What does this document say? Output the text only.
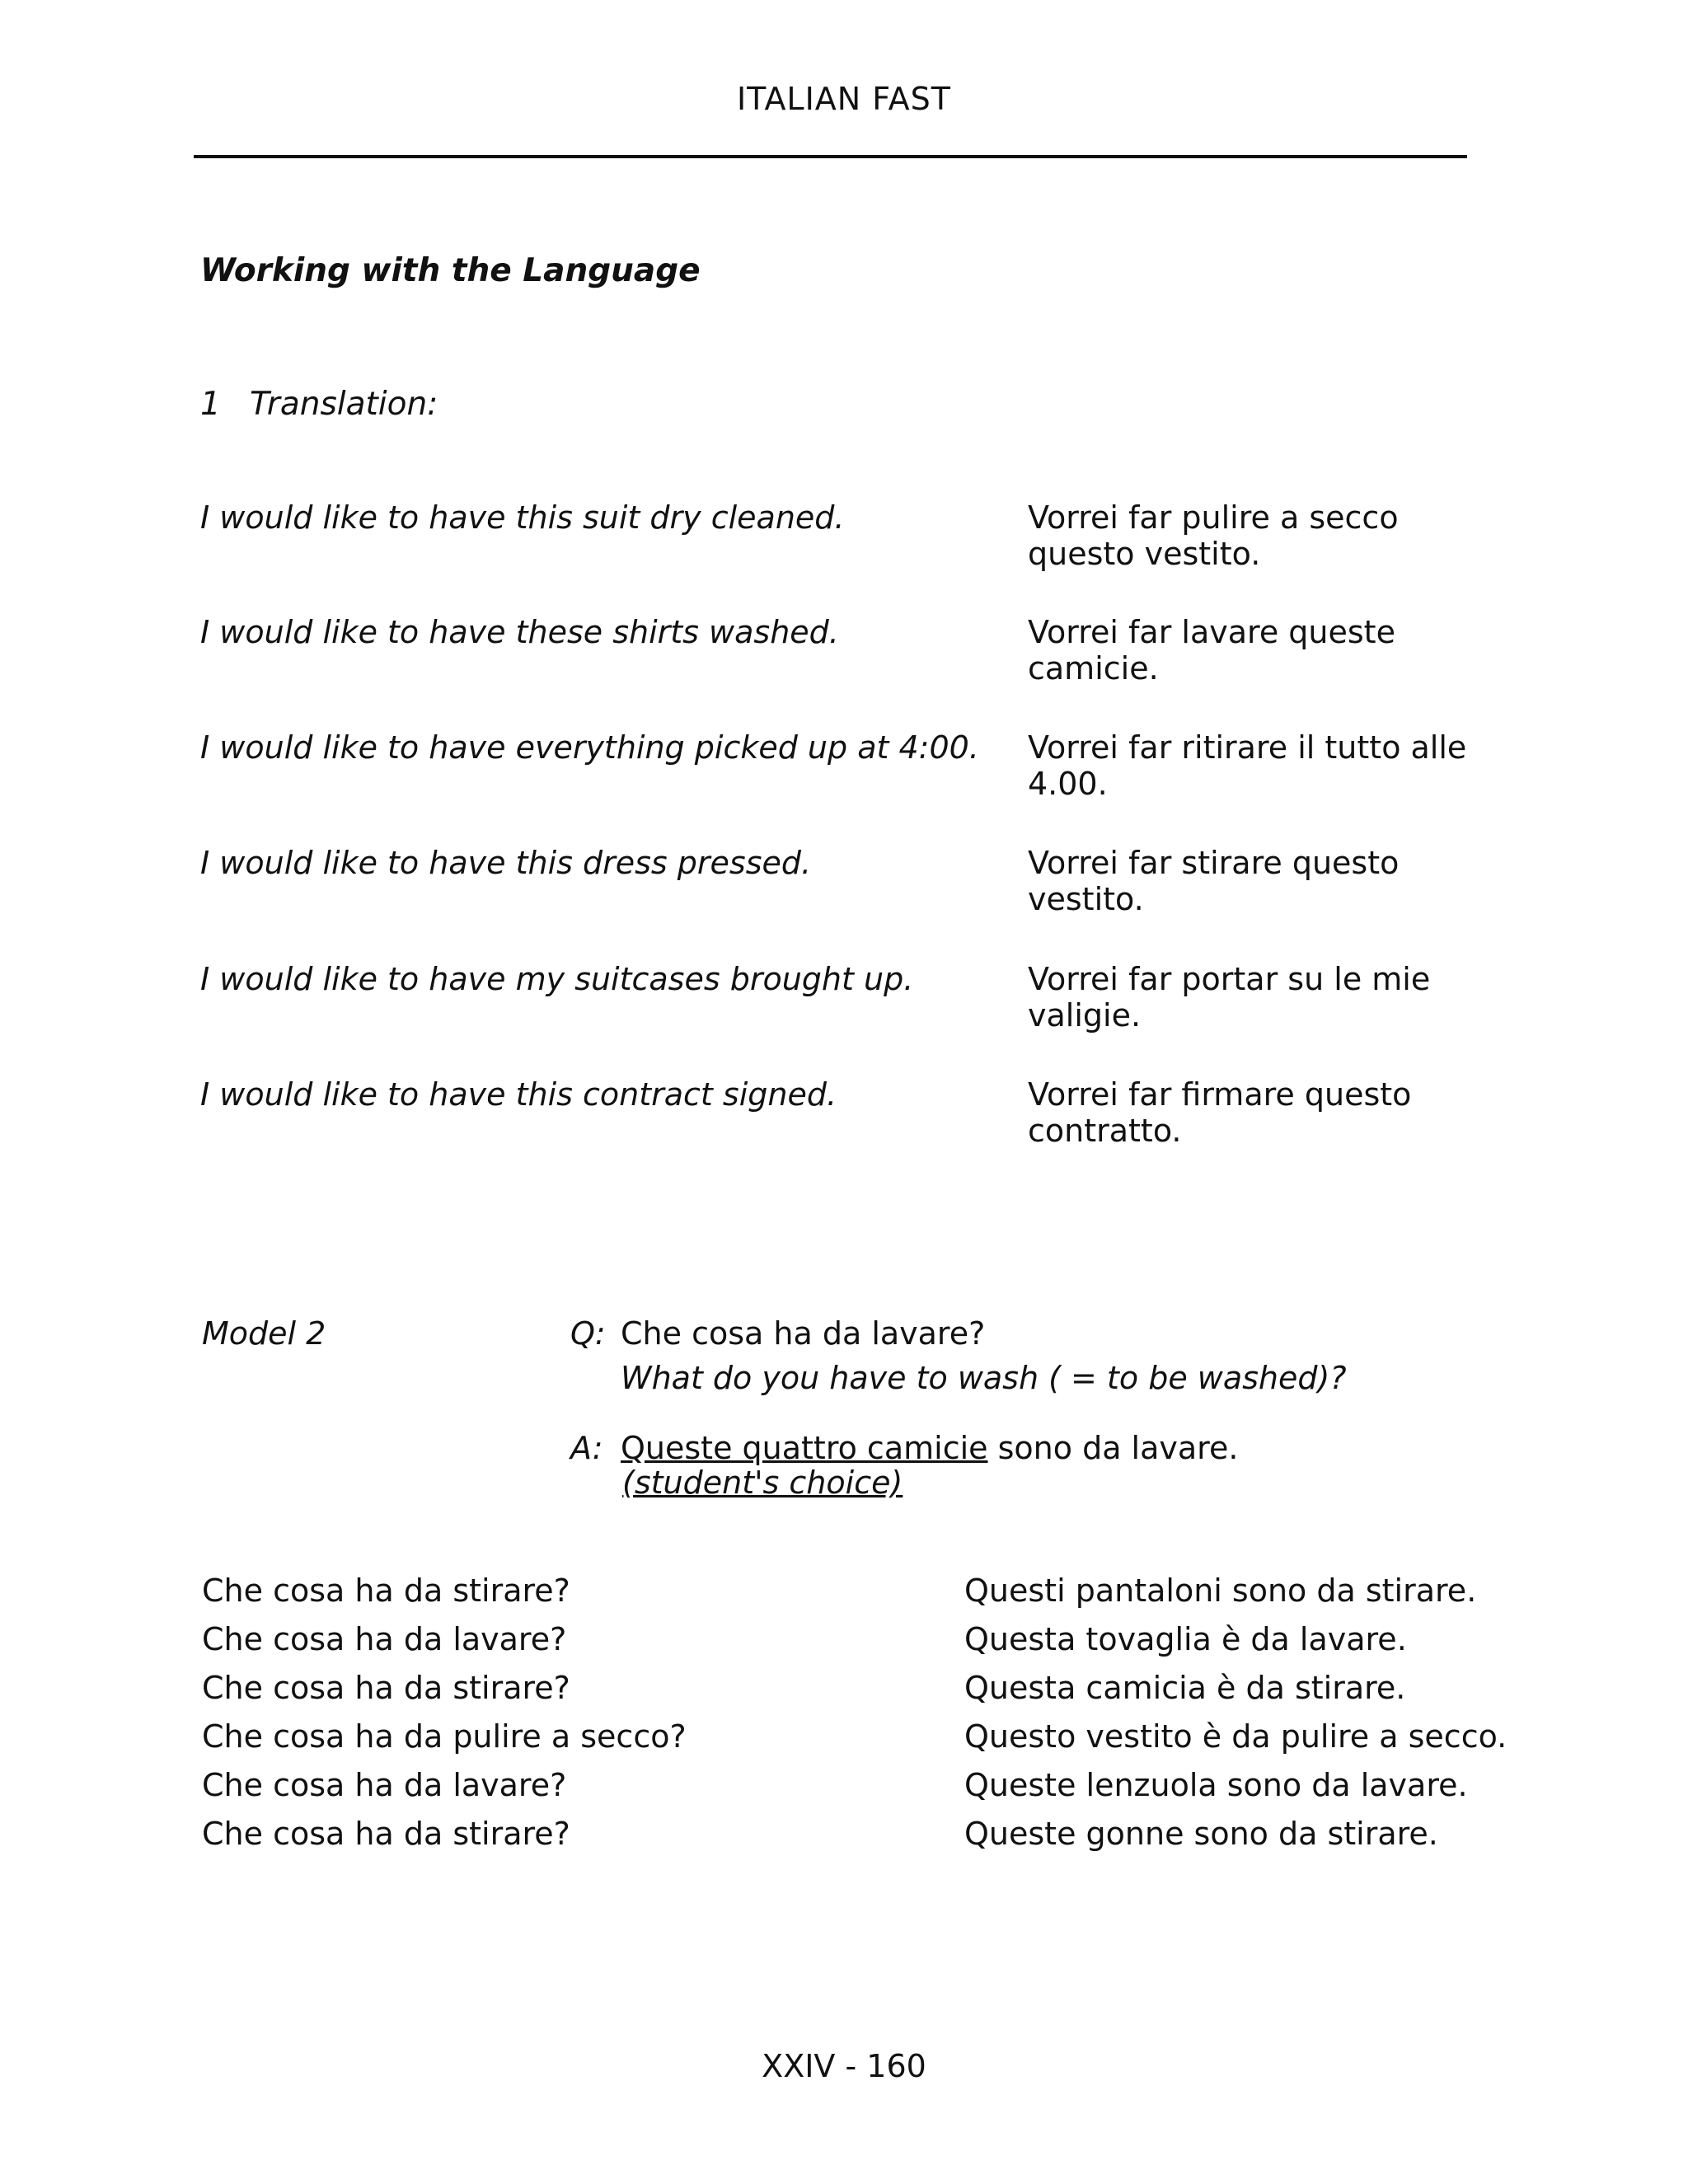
ITALIAN FAST
Working with the Language
1 Translation:
I would like to have this suit dry cleaned.	Vorrei far pulire a secco questo vestito.
I would like to have these shirts washed.	Vorrei far lavare queste camicie.
I would like to have everything picked up at 4:00.	Vorrei far ritirare il tutto alle 4.00.
I would like to have this dress pressed.	Vorrei far stirare questo vestito.
I would like to have my suitcases brought up.	Vorrei far portar su le mie valigie.
I would like to have this contract signed.	Vorrei far firmare questo contratto.
Model 2	Q: Che cosa ha da lavare?
What do you have to wash ( = to be washed)?
A: Queste quattro camicie sono da lavare.
(student's choice)
Che cosa ha da stirare?	Questi pantaloni sono da stirare.
Che cosa ha da lavare?	Questa tovaglia è da lavare.
Che cosa ha da stirare?	Questa camicia è da stirare.
Che cosa ha da pulire a secco?	Questo vestito è da pulire a secco.
Che cosa ha da lavare?	Queste lenzuola sono da lavare.
Che cosa ha da stirare?	Queste gonne sono da stirare.
XXIV - 160
